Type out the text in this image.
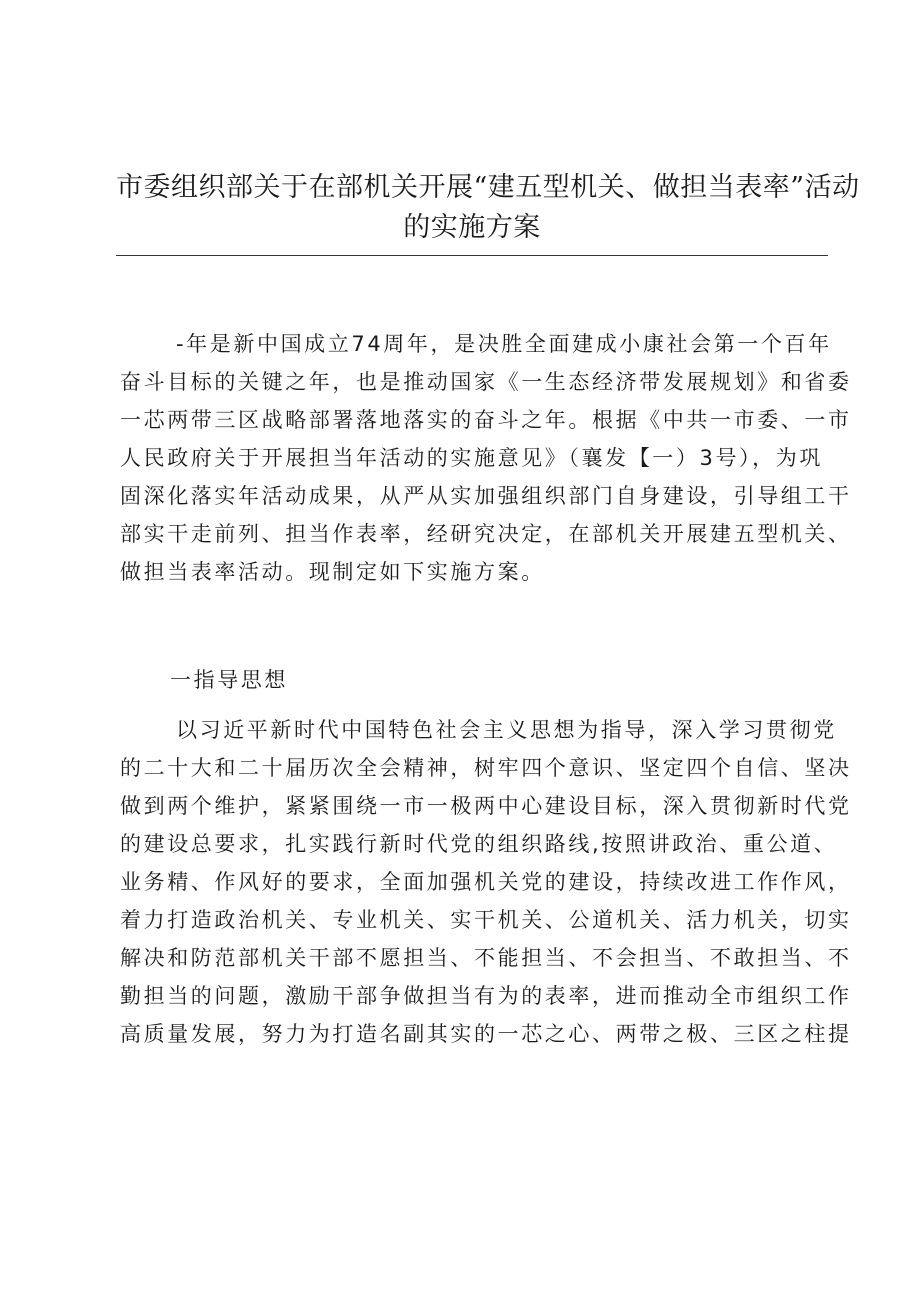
市委组织部关于在部机关开展“建五型机关、做担当表率”活动
的实施方案
-年是新中国成立74周年，是决胜全面建成小康社会第一个百年
奋斗目标的关键之年，也是推动国家《一生态经济带发展规划》和省委
一芯两带三区战略部署落地落实的奋斗之年。根据《中共一市委、一市
人民政府关于开展担当年活动的实施意见》（襄发【一）3号），为巩
固深化落实年活动成果，从严从实加强组织部门自身建设，引导组工干
部实干走前列、担当作表率，经研究决定，在部机关开展建五型机关、
做担当表率活动。现制定如下实施方案。
一指导思想
以习近平新时代中国特色社会主义思想为指导，深入学习贯彻党
的二十大和二十届历次全会精神，树牢四个意识、坚定四个自信、坚决
做到两个维护，紧紧围绕一市一极两中心建设目标，深入贯彻新时代党
的建设总要求，扎实践行新时代党的组织路线,按照讲政治、重公道、
业务精、作风好的要求，全面加强机关党的建设，持续改进工作作风，
着力打造政治机关、专业机关、实干机关、公道机关、活力机关，切实
解决和防范部机关干部不愿担当、不能担当、不会担当、不敢担当、不
勤担当的问题，激励干部争做担当有为的表率，进而推动全市组织工作
高质量发展，努力为打造名副其实的一芯之心、两带之极、三区之柱提
